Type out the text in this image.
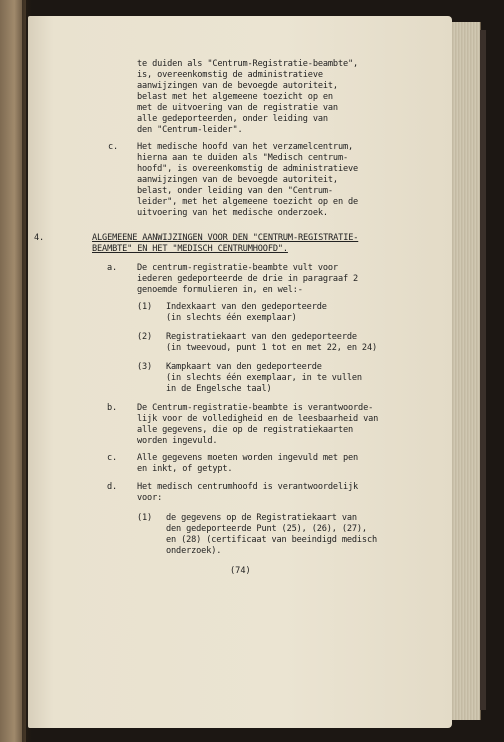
te duiden als "Centrum-Registratie-beambte",
is, overeenkomstig de administratieve
aanwijzingen van de bevoegde autoriteit,
belast met het algemeene toezicht op en
met de uitvoering van de registratie van
alle gedeporteerden, onder leiding van
den "Centrum-leider".
c. Het medische hoofd van het verzamelcentrum,
hierna aan te duiden als "Medisch centrum-
hoofd", is overeenkomstig de administratieve
aanwijzingen van de bevoegde autoriteit,
belast, onder leiding van den "Centrum-
leider", met het algemeene toezicht op en de
uitvoering van het medische onderzoek.
4.	ALGEMEENE AANWIJZINGEN VOOR DEN "CENTRUM-REGISTRATIE-
BEAMBTE" EN HET "MEDISCH CENTRUMHOOFD".
a. De centrum-registratie-beambte vult voor
iederen gedeporteerde de drie in paragraaf 2
genoemde formulieren in, en wel:-
(1) Indexkaart van den gedeporteerde
(in slechts één exemplaar)
(2) Registratiekaart van den gedeporteerde
(in tweevoud, punt 1 tot en met 22, en 24)
(3) Kampkaart van den gedeporteerde
(in slechts één exemplaar, in te vullen
in de Engelsche taal)
b. De Centrum-registratie-beambte is verantwoorde-
lijk voor de volledigheid en de leesbaarheid van
alle gegevens, die op de registratiekaarten
worden ingevuld.
c. Alle gegevens moeten worden ingevuld met pen
en inkt, of getypt.
d. Het medisch centrumhoofd is verantwoordelijk
voor:
(1) de gegevens op de Registratiekaart van
den gedeporteerde Punt (25), (26), (27),
en (28) (certificaat van beeindigd medisch
onderzoek).
(74)
